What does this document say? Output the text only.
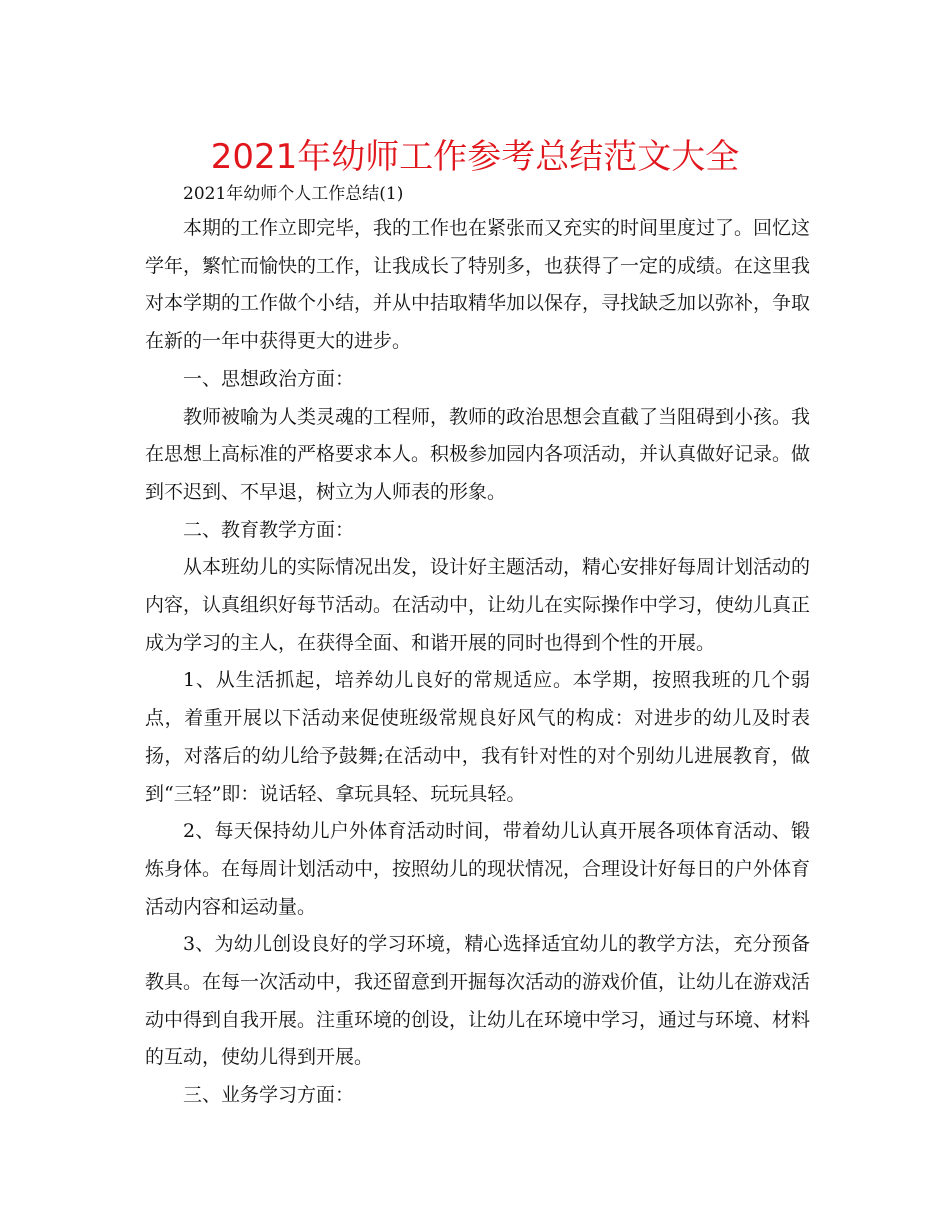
2021年幼师工作参考总结范文大全

2021年幼师个人工作总结(1)

本期的工作立即完毕，我的工作也在紧张而又充实的时间里度过了。回忆这学年，繁忙而愉快的工作，让我成长了特别多，也获得了一定的成绩。在这里我对本学期的工作做个小结，并从中拮取精华加以保存，寻找缺乏加以弥补，争取在新的一年中获得更大的进步。

一、思想政治方面：

教师被喻为人类灵魂的工程师，教师的政治思想会直截了当阻碍到小孩。我在思想上高标准的严格要求本人。积极参加园内各项活动，并认真做好记录。做到不迟到、不早退，树立为人师表的形象。

二、教育教学方面：

从本班幼儿的实际情况出发，设计好主题活动，精心安排好每周计划活动的内容，认真组织好每节活动。在活动中，让幼儿在实际操作中学习，使幼儿真正成为学习的主人，在获得全面、和谐开展的同时也得到个性的开展。

1、从生活抓起，培养幼儿良好的常规适应。本学期，按照我班的几个弱点，着重开展以下活动来促使班级常规良好风气的构成：对进步的幼儿及时表扬，对落后的幼儿给予鼓舞;在活动中，我有针对性的对个别幼儿进展教育，做到“三轻”即：说话轻、拿玩具轻、玩玩具轻。

2、每天保持幼儿户外体育活动时间，带着幼儿认真开展各项体育活动、锻炼身体。在每周计划活动中，按照幼儿的现状情况，合理设计好每日的户外体育活动内容和运动量。

3、为幼儿创设良好的学习环境，精心选择适宜幼儿的教学方法，充分预备教具。在每一次活动中，我还留意到开掘每次活动的游戏价值，让幼儿在游戏活动中得到自我开展。注重环境的创设，让幼儿在环境中学习，通过与环境、材料的互动，使幼儿得到开展。

三、业务学习方面：
